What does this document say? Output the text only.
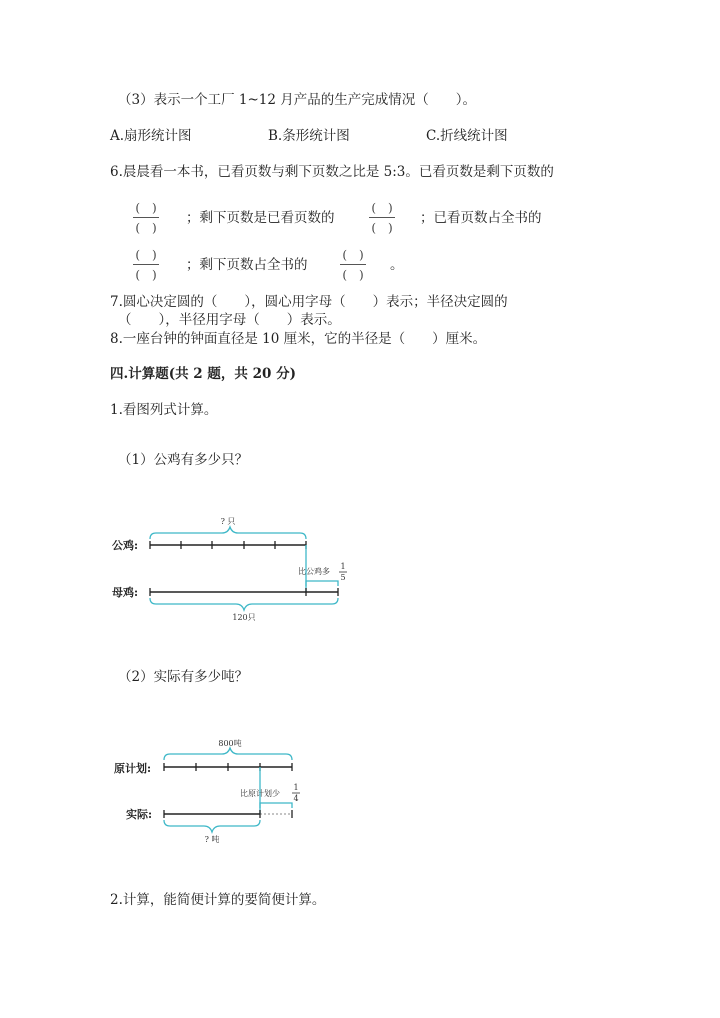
（3）表示一个工厂 1~12 月产品的生产完成情况（　　）。
A.扇形统计图	B.条形统计图	C.折线统计图
6.晨晨看一本书，已看页数与剩下页数之比是 5:3。已看页数是剩下页数的
(　)
(　)
；剩下页数是已看页数的
(　)
(　)
；已看页数占全书的
(　)
(　)
；剩下页数占全书的
(　)
(　)
。
7.圆心决定圆的（　　），圆心用字母（　　）表示；半径决定圆的
（　　），半径用字母（　　）表示。
8.一座台钟的钟面直径是 10 厘米，它的半径是（　　）厘米。
四.计算题(共 2 题，共 20 分)
1.看图列式计算。
（1）公鸡有多少只？
? 只
公鸡:
比公鸡多
1
5
母鸡:
120只
800吨
原计划:
比原计划少
1
4
实际:
? 吨
（2）实际有多少吨？
2.计算，能简便计算的要简便计算。
